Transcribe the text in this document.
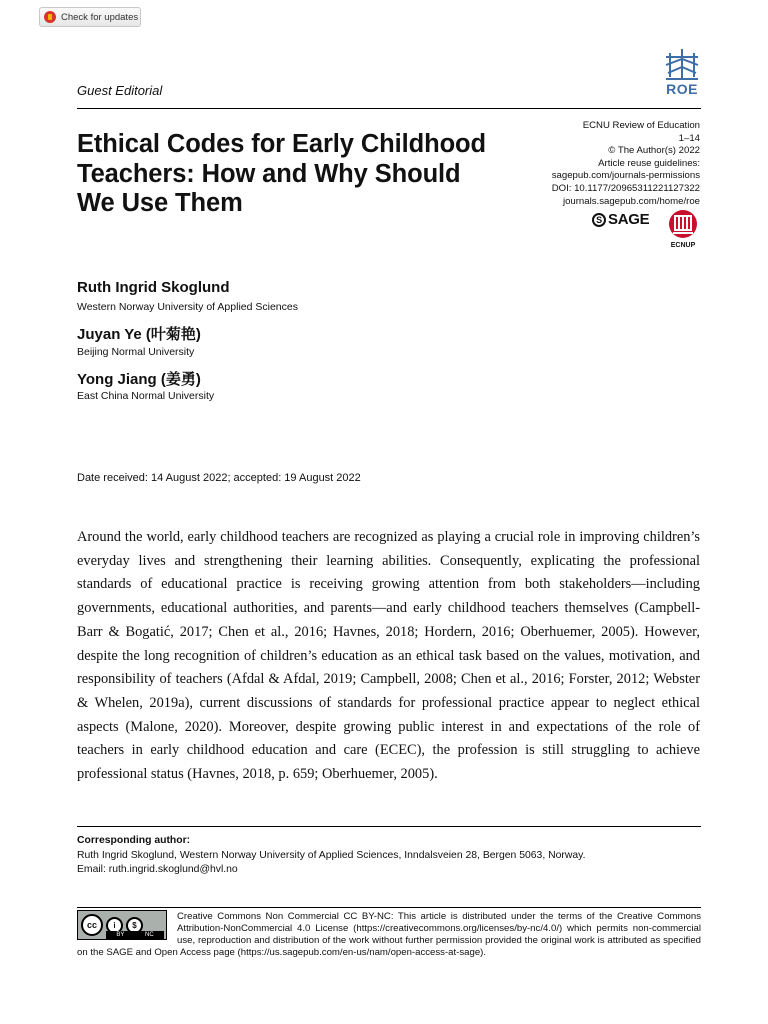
Check for updates
Guest Editorial	ROE
ECNU Review of Education
1–14
© The Author(s) 2022
Article reuse guidelines:
sagepub.com/journals-permissions
DOI: 10.1177/20965311221127322
journals.sagepub.com/home/roe
S SAGE
ECNUP
Ethical Codes for Early Childhood Teachers: How and Why Should We Use Them
Ruth Ingrid Skoglund
Western Norway University of Applied Sciences
Juyan Ye (叶菊艳)
Beijing Normal University
Yong Jiang (姜勇)
East China Normal University
Date received: 14 August 2022; accepted: 19 August 2022

Around the world, early childhood teachers are recognized as playing a crucial role in improving children’s everyday lives and strengthening their learning abilities. Consequently, explicating the professional standards of educational practice is receiving growing attention from both stakeholders—including governments, educational authorities, and parents—and early childhood teachers themselves (Campbell-Barr & Bogatić, 2017; Chen et al., 2016; Havnes, 2018; Hordern, 2016; Oberhuemer, 2005). However, despite the long recognition of children’s education as an ethical task based on the values, motivation, and responsibility of teachers (Afdal & Afdal, 2019; Campbell, 2008; Chen et al., 2016; Forster, 2012; Webster & Whelen, 2019a), current discussions of standards for professional practice appear to neglect ethical aspects (Malone, 2020). Moreover, despite growing public interest in and expectations of the role of teachers in early childhood education and care (ECEC), the profession is still struggling to achieve professional status (Havnes, 2018, p. 659; Oberhuemer, 2005).

Corresponding author:
Ruth Ingrid Skoglund, Western Norway University of Applied Sciences, Inndalsveien 28, Bergen 5063, Norway.
Email: ruth.ingrid.skoglund@hvl.no

Creative Commons Non Commercial CC BY-NC: This article is distributed under the terms of the Creative Commons Attribution-NonCommercial 4.0 License (https://creativecommons.org/licenses/by-nc/4.0/) which permits non-commercial use, reproduction and distribution of the work without further permission provided the original work is attributed as specified on the SAGE and Open Access page (https://us.sagepub.com/en-us/nam/open-access-at-sage).

cc	i	$
BY	NC
